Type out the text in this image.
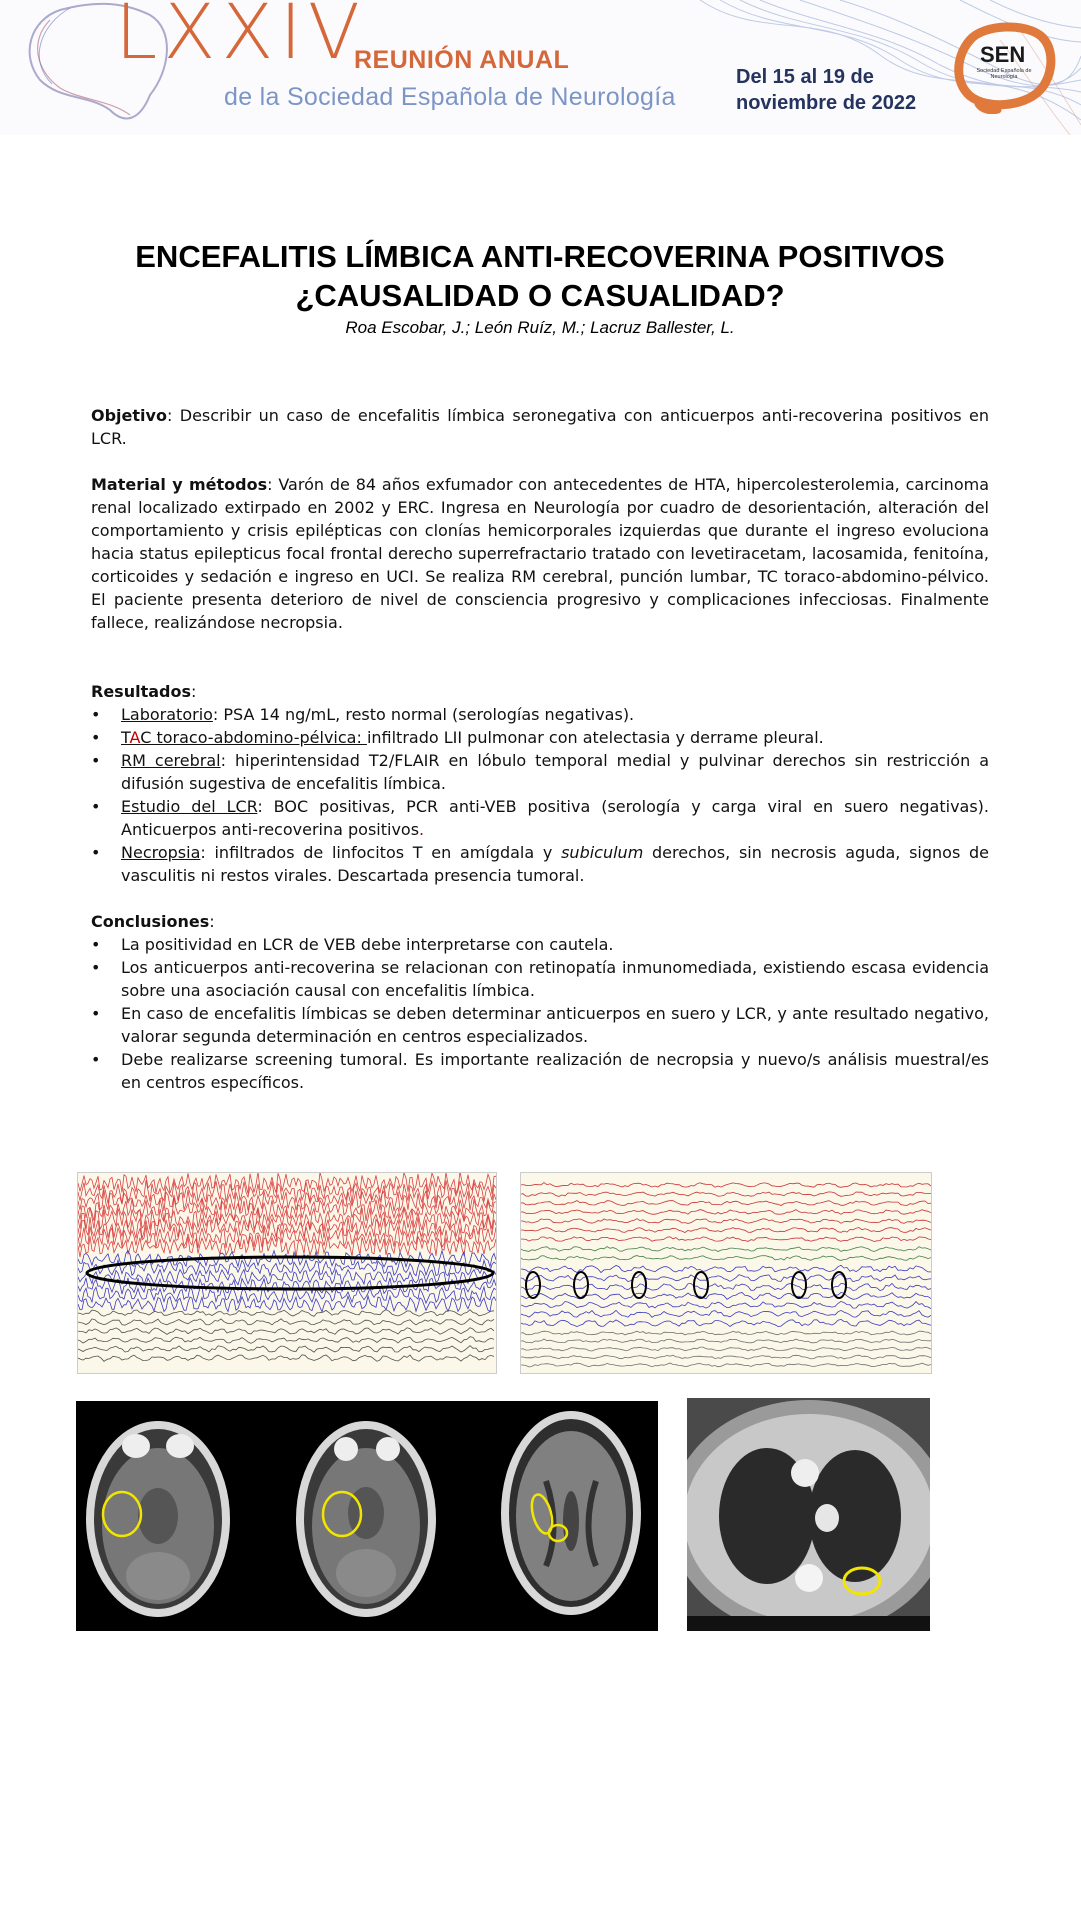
LXXIV
REUNIÓN ANUAL
de la Sociedad Española de Neurología
Del 15 al 19 de
noviembre de 2022
SEN
Sociedad Española de Neurología
ENCEFALITIS LÍMBICA ANTI-RECOVERINA POSITIVOS
¿CAUSALIDAD O CASUALIDAD?
Roa Escobar, J.; León Ruíz, M.; Lacruz Ballester, L.

Objetivo: Describir un caso de encefalitis límbica seronegativa con anticuerpos anti-recoverina positivos en LCR.

Material y métodos: Varón de 84 años exfumador con antecedentes de HTA, hipercolesterolemia, carcinoma renal localizado extirpado en 2002 y ERC. Ingresa en Neurología por cuadro de desorientación, alteración del comportamiento y crisis epilépticas con clonías hemicorporales izquierdas que durante el ingreso evoluciona hacia status epilepticus focal frontal derecho superrefractario tratado con levetiracetam, lacosamida, fenitoína, corticoides y sedación e ingreso en UCI. Se realiza RM cerebral, punción lumbar, TC toraco-abdomino-pélvico. El paciente presenta deterioro de nivel de consciencia progresivo y complicaciones infecciosas. Finalmente fallece, realizándose necropsia.

Resultados:

• Laboratorio: PSA 14 ng/mL, resto normal (serologías negativas).
• TAC toraco-abdomino-pélvica: infiltrado LII pulmonar con atelectasia y derrame pleural.
• RM cerebral: hiperintensidad T2/FLAIR en lóbulo temporal medial y pulvinar derechos sin restricción a difusión sugestiva de encefalitis límbica.
• Estudio del LCR: BOC positivas, PCR anti-VEB positiva (serología y carga viral en suero negativas). Anticuerpos anti-recoverina positivos.
• Necropsia: infiltrados de linfocitos T en amígdala y subiculum derechos, sin necrosis aguda, signos de vasculitis ni restos virales. Descartada presencia tumoral.

Conclusiones:

• La positividad en LCR de VEB debe interpretarse con cautela.
• Los anticuerpos anti-recoverina se relacionan con retinopatía inmunomediada, existiendo escasa evidencia sobre una asociación causal con encefalitis límbica.
• En caso de encefalitis límbicas se deben determinar anticuerpos en suero y LCR, y ante resultado negativo, valorar segunda determinación en centros especializados.
• Debe realizarse screening tumoral. Es importante realización de necropsia y nuevo/s análisis muestral/es en centros específicos.
